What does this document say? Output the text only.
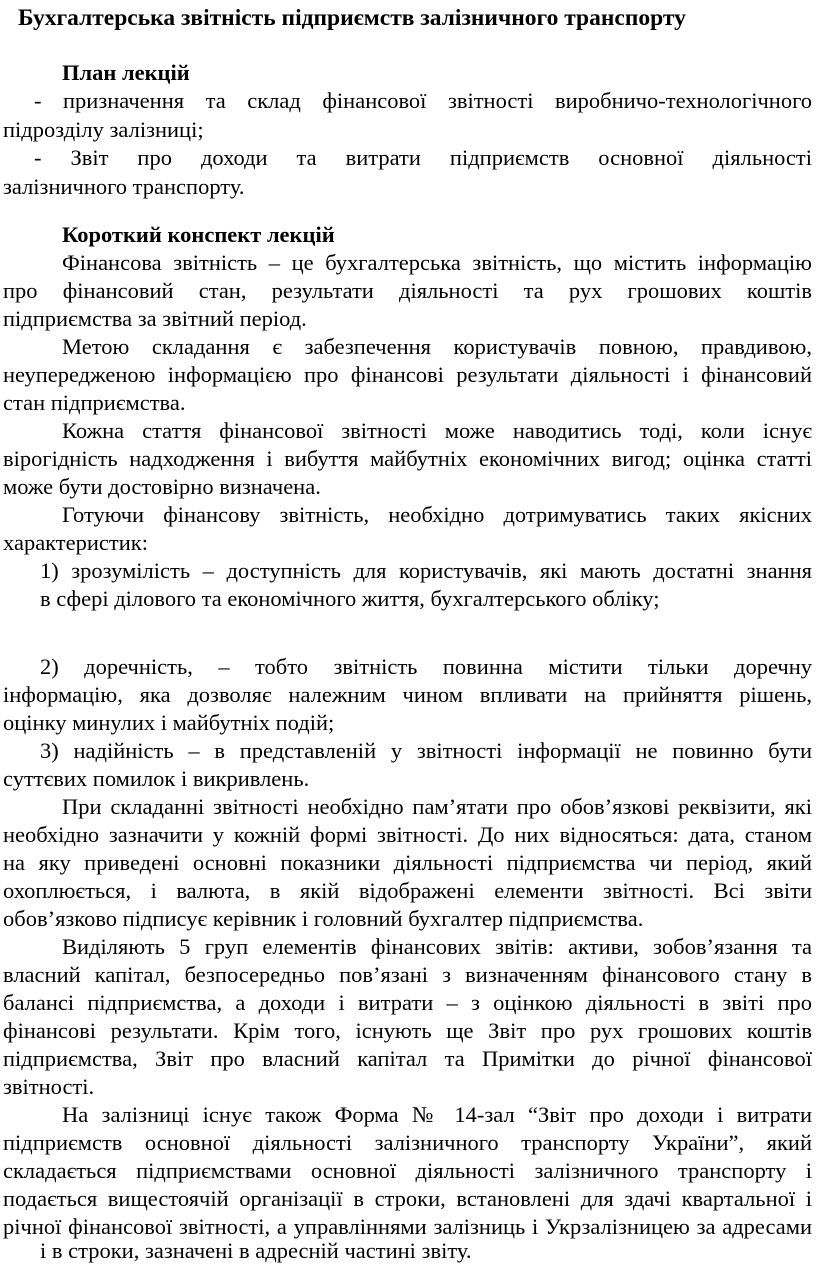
Бухгалтерська звітність підприємств залізничного транспорту
План лекцій
- призначення та склад фінансової звітності виробничо-технологічного
підрозділу залізниці;
- Звіт про доходи та витрати підприємств основної діяльності
залізничного транспорту.
Короткий конспект лекцій
Фінансова звітність – це бухгалтерська звітність, що містить інформацію
про фінансовий стан, результати діяльності та рух грошових коштів
підприємства за звітний період.
Метою складання є забезпечення користувачів повною, правдивою,
неупередженою інформацією про фінансові результати діяльності і фінансовий
стан підприємства.
Кожна стаття фінансової звітності може наводитись тоді, коли існує
вірогідність надходження і вибуття майбутніх економічних вигод; оцінка статті
може бути достовірно визначена.
Готуючи фінансову звітність, необхідно дотримуватись таких якісних
характеристик:
1) зрозумілість – доступність для користувачів, які мають достатні знання
в сфері ділового та економічного життя, бухгалтерського обліку;
2) доречність, – тобто звітність повинна містити тільки доречну
інформацію, яка дозволяє належним чином впливати на прийняття рішень,
оцінку минулих і майбутніх подій;
3) надійність – в представленій у звітності інформації не повинно бути
суттєвих помилок і викривлень.
При складанні звітності необхідно пам’ятати про обов’язкові реквізити, які
необхідно зазначити у кожній формі звітності. До них відносяться: дата, станом
на яку приведені основні показники діяльності підприємства чи період, який
охоплюється, і валюта, в якій відображені елементи звітності. Всі звіти
обов’язково підписує керівник і головний бухгалтер підприємства.
Виділяють 5 груп елементів фінансових звітів: активи, зобов’язання та
власний капітал, безпосередньо пов’язані з визначенням фінансового стану в
балансі підприємства, а доходи і витрати – з оцінкою діяльності в звіті про
фінансові результати. Крім того, існують ще Звіт про рух грошових коштів
підприємства, Звіт про власний капітал та Примітки до річної фінансової
звітності.
На залізниці існує також Форма № 14-зал “Звіт про доходи і витрати
підприємств основної діяльності залізничного транспорту України”, який
складається підприємствами основної діяльності залізничного транспорту і
подається вищестоячій організації в строки, встановлені для здачі квартальної і
річної фінансової звітності, а управліннями залізниць і Укрзалізницею за адресами
і в строки, зазначені в адресній частині звіту.
